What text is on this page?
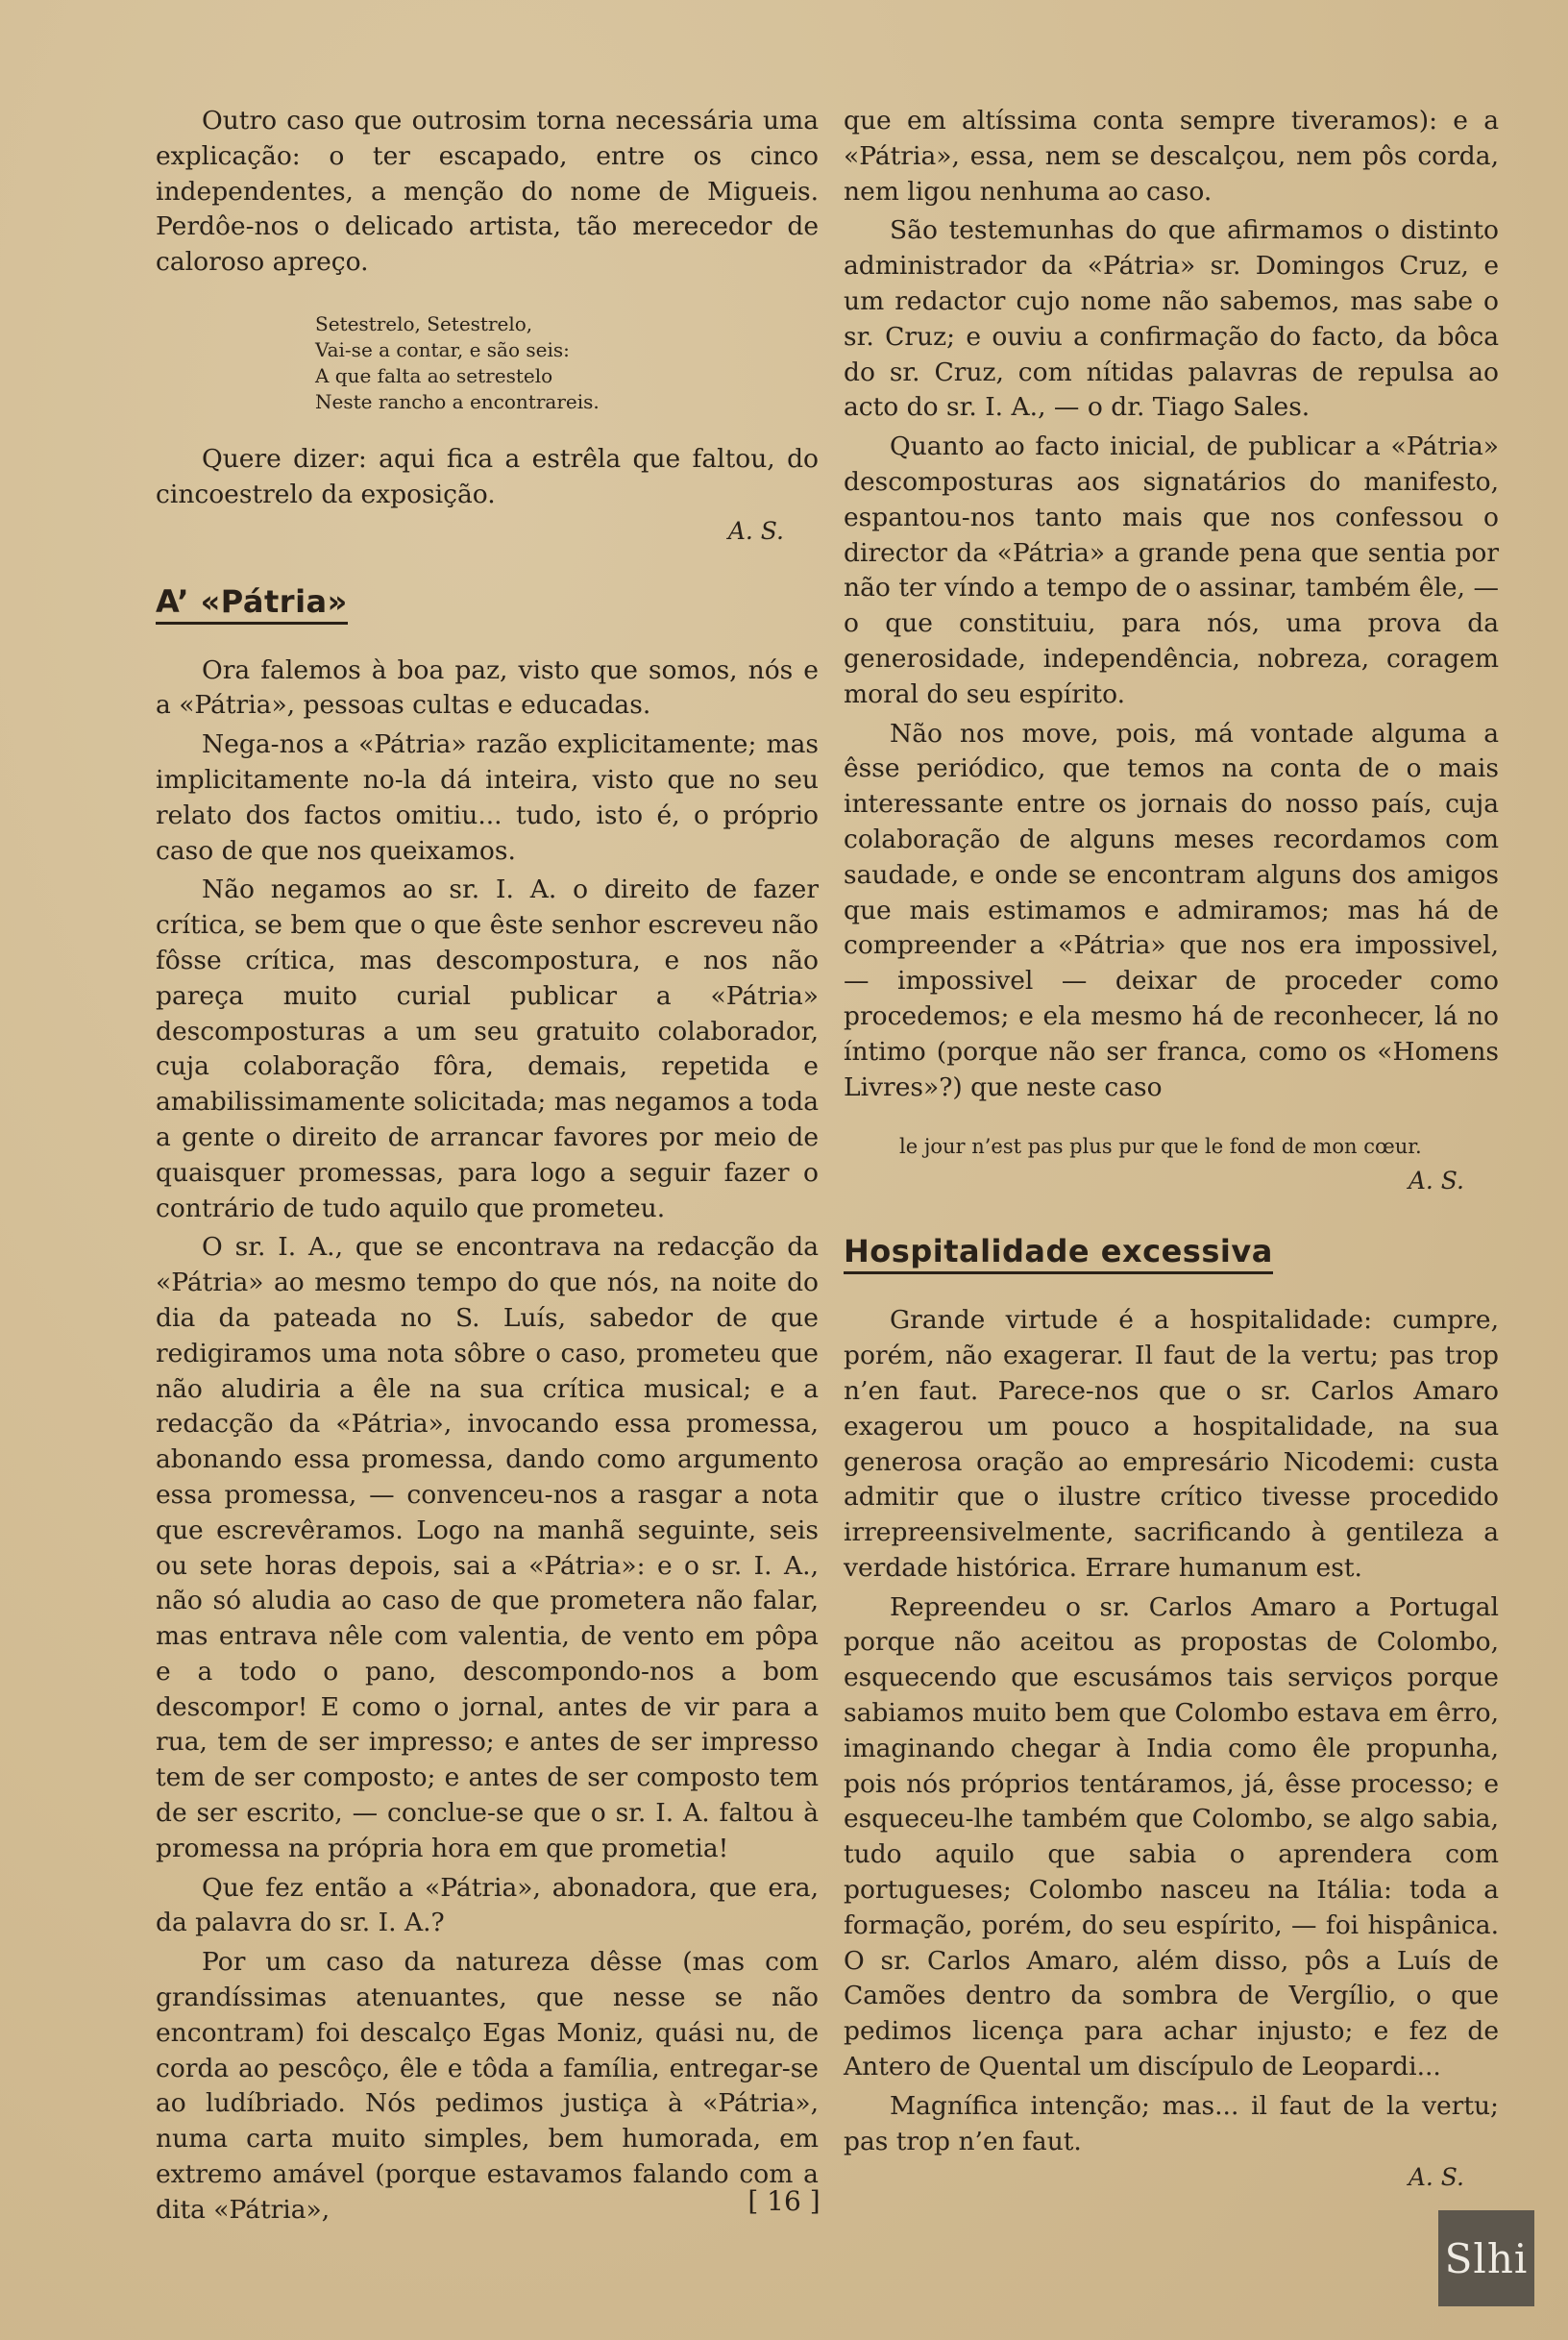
Outro caso que outrosim torna necessária uma explicação: o ter escapado, entre os cinco independentes, a menção do nome de Migueis. Perdôe-nos o delicado artista, tão merecedor de caloroso apreço.

Setestrelo, Setestrelo,
Vai-se a contar, e são seis:
A que falta ao setrestelo
Neste rancho a encontrareis.

Quere dizer: aqui fica a estrêla que faltou, do cincoestrelo da exposição.

A. S.
A’ «Pátria»

Ora falemos à boa paz, visto que somos, nós e a «Pátria», pessoas cultas e educadas.

Nega-nos a «Pátria» razão explicitamente; mas implicitamente no-la dá inteira, visto que no seu relato dos factos omitiu... tudo, isto é, o próprio caso de que nos queixamos.

Não negamos ao sr. I. A. o direito de fazer crítica, se bem que o que êste senhor escreveu não fôsse crítica, mas descompostura, e nos não pareça muito curial publicar a «Pátria» descomposturas a um seu gratuito colaborador, cuja colaboração fôra, demais, repetida e amabilissimamente solicitada; mas negamos a toda a gente o direito de arrancar favores por meio de quaisquer promessas, para logo a seguir fazer o contrário de tudo aquilo que prometeu.

O sr. I. A., que se encontrava na redacção da «Pátria» ao mesmo tempo do que nós, na noite do dia da pateada no S. Luís, sabedor de que redigiramos uma nota sôbre o caso, prometeu que não aludiria a êle na sua crítica musical; e a redacção da «Pátria», invocando essa promessa, abonando essa promessa, dando como argumento essa promessa, — convenceu-nos a rasgar a nota que escrevêramos. Logo na manhã seguinte, seis ou sete horas depois, sai a «Pátria»: e o sr. I. A., não só aludia ao caso de que prometera não falar, mas entrava nêle com valentia, de vento em pôpa e a todo o pano, descompondo-nos a bom descompor! E como o jornal, antes de vir para a rua, tem de ser impresso; e antes de ser impresso tem de ser composto; e antes de ser composto tem de ser escrito, — conclue-se que o sr. I. A. faltou à promessa na própria hora em que prometia!

Que fez então a «Pátria», abonadora, que era, da palavra do sr. I. A.?

Por um caso da natureza dêsse (mas com grandíssimas atenuantes, que nesse se não encontram) foi descalço Egas Moniz, quási nu, de corda ao pescôço, êle e tôda a família, entregar-se ao ludíbriado. Nós pedimos justiça à «Pátria», numa carta muito simples, bem humorada, em extremo amável (porque estavamos falando com a dita «Pátria»,

que em altíssima conta sempre tiveramos): e a «Pátria», essa, nem se descalçou, nem pôs corda, nem ligou nenhuma ao caso.

São testemunhas do que afirmamos o distinto administrador da «Pátria» sr. Domingos Cruz, e um redactor cujo nome não sabemos, mas sabe o sr. Cruz; e ouviu a confirmação do facto, da bôca do sr. Cruz, com nítidas palavras de repulsa ao acto do sr. I. A., — o dr. Tiago Sales.

Quanto ao facto inicial, de publicar a «Pátria» descomposturas aos signatários do manifesto, espantou-nos tanto mais que nos confessou o director da «Pátria» a grande pena que sentia por não ter víndo a tempo de o assinar, também êle, — o que constituiu, para nós, uma prova da generosidade, independência, nobreza, coragem moral do seu espírito.

Não nos move, pois, má vontade alguma a êsse periódico, que temos na conta de o mais interessante entre os jornais do nosso país, cuja colaboração de alguns meses recordamos com saudade, e onde se encontram alguns dos amigos que mais estimamos e admiramos; mas há de compreender a «Pátria» que nos era impossivel, — impossivel — deixar de proceder como procedemos; e ela mesmo há de reconhecer, lá no íntimo (porque não ser franca, como os «Homens Livres»?) que neste caso

le jour n’est pas plus pur que le fond de mon cœur.
A. S.
Hospitalidade excessiva

Grande virtude é a hospitalidade: cumpre, porém, não exagerar. Il faut de la vertu; pas trop n’en faut. Parece-nos que o sr. Carlos Amaro exagerou um pouco a hospitalidade, na sua generosa oração ao empresário Nicodemi: custa admitir que o ilustre crítico tivesse procedido irrepreensivelmente, sacrificando à gentileza a verdade histórica. Errare humanum est.

Repreendeu o sr. Carlos Amaro a Portugal porque não aceitou as propostas de Colombo, esquecendo que escusámos tais serviços porque sabiamos muito bem que Colombo estava em êrro, imaginando chegar à India como êle propunha, pois nós próprios tentáramos, já, êsse processo; e esqueceu-lhe também que Colombo, se algo sabia, tudo aquilo que sabia o aprendera com portugueses; Colombo nasceu na Itália: toda a formação, porém, do seu espírito, — foi hispânica. O sr. Carlos Amaro, além disso, pôs a Luís de Camões dentro da sombra de Vergílio, o que pedimos licença para achar injusto; e fez de Antero de Quental um discípulo de Leopardi...

Magnífica intenção; mas... il faut de la vertu; pas trop n’en faut.

A. S.
[ 16 ]
Slhi
